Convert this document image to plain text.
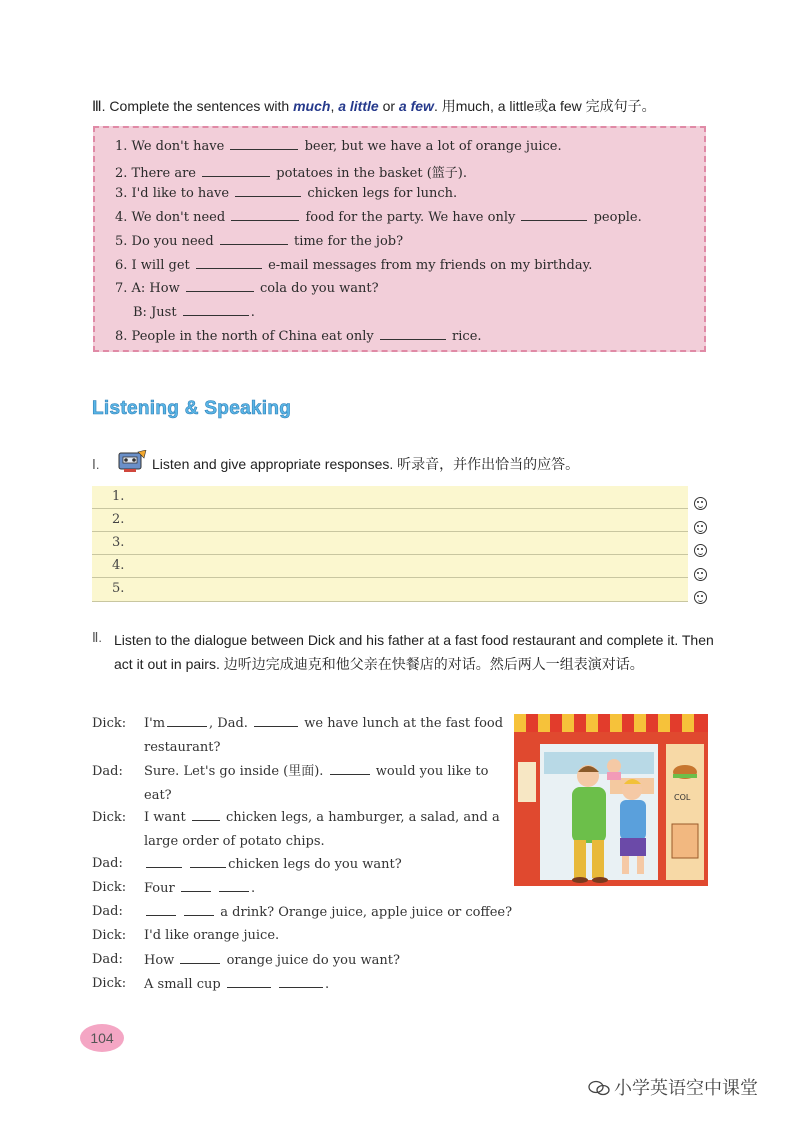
Ⅲ. Complete the sentences with much, a little or a few. 用much, a little或a few 完成句子。
1. We don't have	beer, but we have a lot of orange juice.
2. There are	potatoes in the basket (篮子).
3. I'd like to have	chicken legs for lunch.
4. We don't need	food for the party. We have only	people.
5. Do you need	time for the job?
6. I will get	e-mail messages from my friends on my birthday.
7. A: How	cola do you want?
B: Just	.
8. People in the north of China eat only	rice.
Listening & Speaking
Ⅰ.	Listen and give appropriate responses. 听录音，并作出恰当的应答。
1.
2.
3.
4.
5.
Ⅱ. Listen to the dialogue between Dick and his father at a fast food restaurant and complete it. Then act it out in pairs. 边听边完成迪克和他父亲在快餐店的对话。然后两人一组表演对话。
Dick: I'm	, Dad.	we have lunch at the fast food restaurant?
Dad: Sure. Let's go inside (里面).	would you like to eat?
Dick: I want	chicken legs, a hamburger, a salad, and a large order of potato chips.
Dad:	chicken legs do you want?
Dick: Four	.
Dad:	a drink? Orange juice, apple juice or coffee?
Dick: I'd like orange juice.
Dad: How	orange juice do you want?
Dick: A small cup	.
COL
104
小学英语空中课堂
